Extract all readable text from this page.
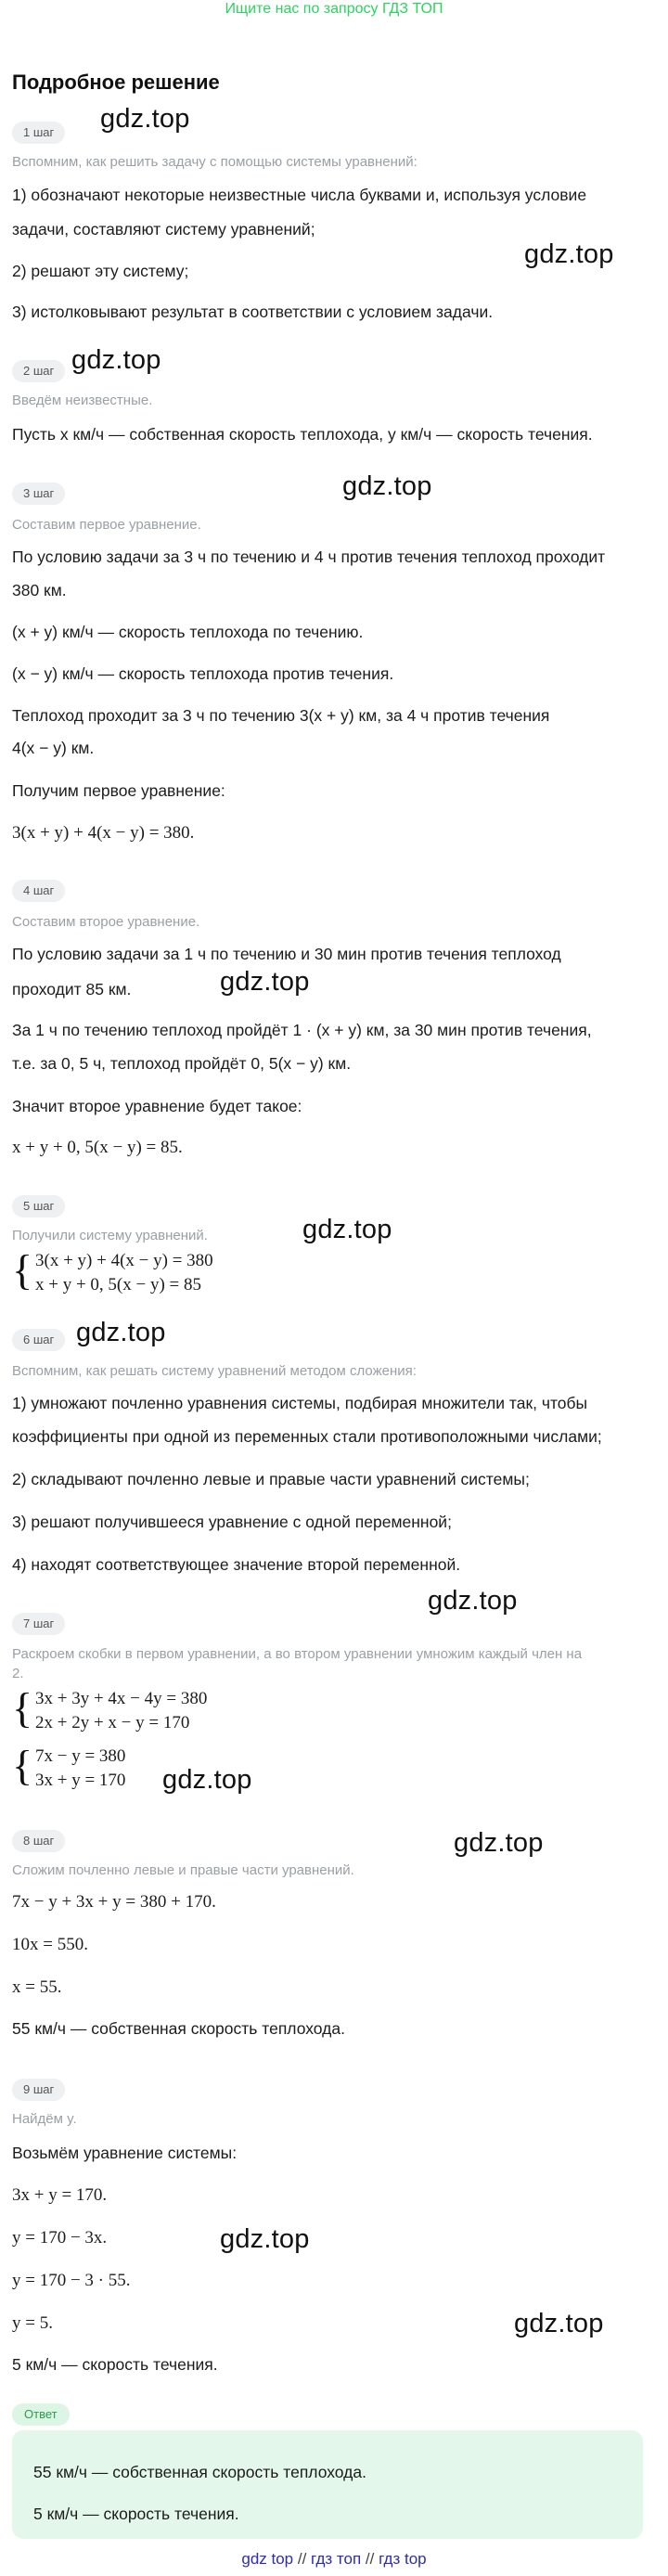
Ищите нас по запросу ГДЗ ТОП
Подробное решение
gdz.top
gdz.top
gdz.top
gdz.top
gdz.top
gdz.top
gdz.top
gdz.top
gdz.top
gdz.top
gdz.top
gdz.top
1 шаг
Вспомним, как решить задачу с помощью системы уравнений:
1) обозначают некоторые неизвестные числа буквами и, используя условие
задачи, составляют систему уравнений;
2) решают эту систему;
3) истолковывают результат в соответствии с условием задачи.
2 шаг
Введём неизвестные.
Пусть x км/ч — собственная скорость теплохода, y км/ч — скорость течения.
3 шаг
Составим первое уравнение.
По условию задачи за 3 ч по течению и 4 ч против течения теплоход проходит
380 км.
(x + y) км/ч — скорость теплохода по течению.
(x − y) км/ч — скорость теплохода против течения.
Теплоход проходит за 3 ч по течению 3(x + y) км, за 4 ч против течения
4(x − y) км.
Получим первое уравнение:
3(x + y) + 4(x − y) = 380.
4 шаг
Составим второе уравнение.
По условию задачи за 1 ч по течению и 30 мин против течения теплоход
проходит 85 км.
За 1 ч по течению теплоход пройдёт 1 · (x + y) км, за 30 мин против течения,
т.е. за 0, 5 ч, теплоход пройдёт 0, 5(x − y) км.
Значит второе уравнение будет такое:
x + y + 0, 5(x − y) = 85.
5 шаг
Получили систему уравнений.
{ 3(x + y) + 4(x − y) = 380
x + y + 0, 5(x − y) = 85
6 шаг
Вспомним, как решать систему уравнений методом сложения:
1) умножают почленно уравнения системы, подбирая множители так, чтобы
коэффициенты при одной из переменных стали противоположными числами;
2) складывают почленно левые и правые части уравнений системы;
3) решают получившееся уравнение с одной переменной;
4) находят соответствующее значение второй переменной.
7 шаг
Раскроем скобки в первом уравнении, а во втором уравнении умножим каждый член на
2.
{ 3x + 3y + 4x − 4y = 380
2x + 2y + x − y = 170
{ 7x − y = 380
3x + y = 170
8 шаг
Сложим почленно левые и правые части уравнений.
7x − y + 3x + y = 380 + 170.
10x = 550.
x = 55.
55 км/ч — собственная скорость теплохода.
9 шаг
Найдём y.
Возьмём уравнение системы:
3x + y = 170.
y = 170 − 3x.
y = 170 − 3 · 55.
y = 5.
5 км/ч — скорость течения.
Ответ
55 км/ч — собственная скорость теплохода.
5 км/ч — скорость течения.
gdz top // гдз топ // гдз top
